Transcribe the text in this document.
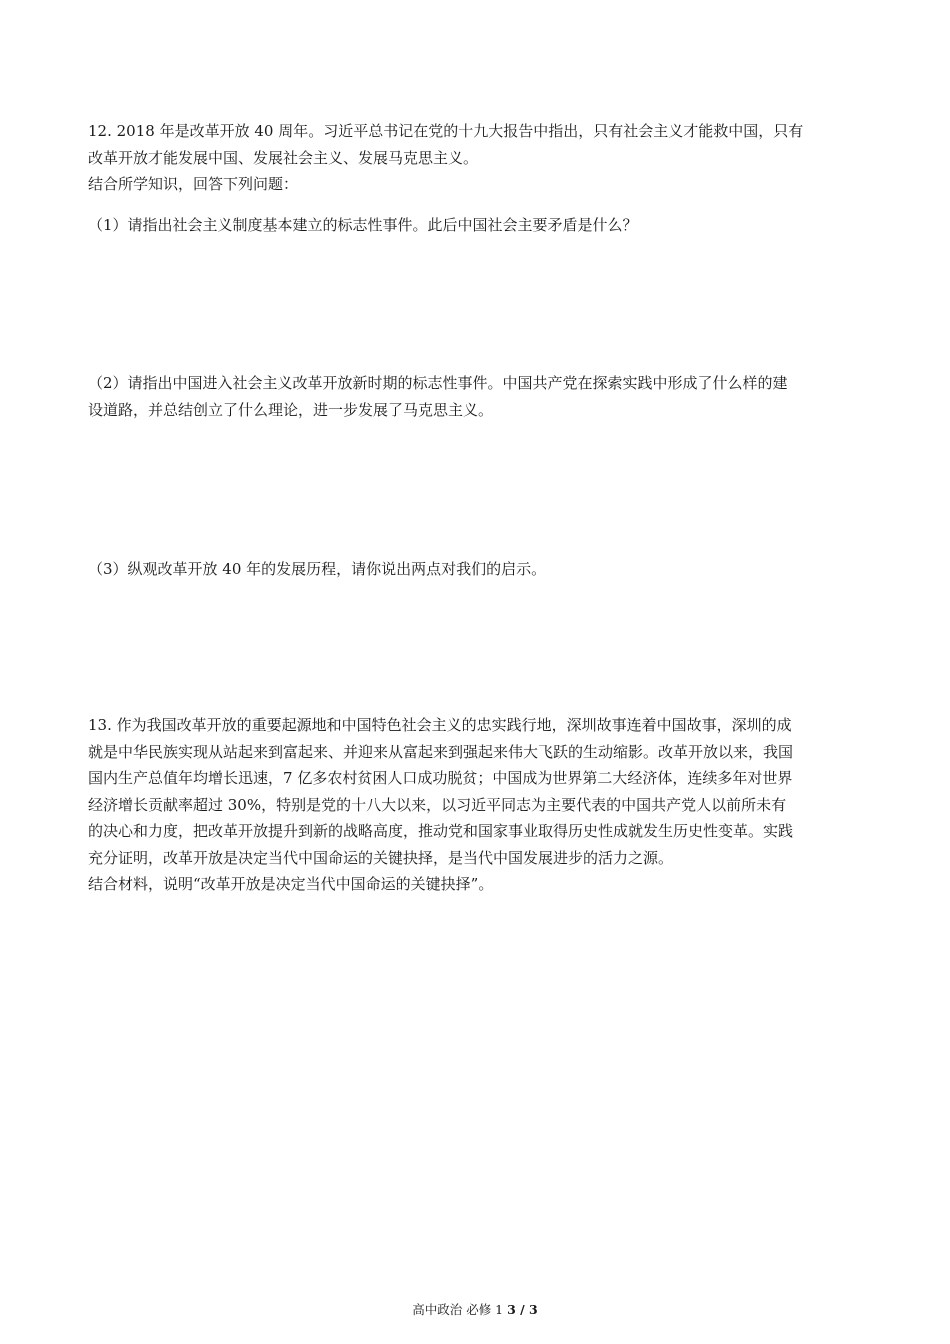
12. 2018 年是改革开放 40 周年。习近平总书记在党的十九大报告中指出，只有社会主义才能救中国，只有
改革开放才能发展中国、发展社会主义、发展马克思主义。
结合所学知识，回答下列问题：
（1）请指出社会主义制度基本建立的标志性事件。此后中国社会主要矛盾是什么？
（2）请指出中国进入社会主义改革开放新时期的标志性事件。中国共产党在探索实践中形成了什么样的建
设道路，并总结创立了什么理论，进一步发展了马克思主义。
（3）纵观改革开放 40 年的发展历程，请你说出两点对我们的启示。
13. 作为我国改革开放的重要起源地和中国特色社会主义的忠实践行地，深圳故事连着中国故事，深圳的成
就是中华民族实现从站起来到富起来、并迎来从富起来到强起来伟大飞跃的生动缩影。改革开放以来，我国
国内生产总值年均增长迅速，7 亿多农村贫困人口成功脱贫；中国成为世界第二大经济体，连续多年对世界
经济增长贡献率超过 30%，特别是党的十八大以来，以习近平同志为主要代表的中国共产党人以前所未有
的决心和力度，把改革开放提升到新的战略高度，推动党和国家事业取得历史性成就发生历史性变革。实践
充分证明，改革开放是决定当代中国命运的关键抉择，是当代中国发展进步的活力之源。
结合材料，说明“改革开放是决定当代中国命运的关键抉择”。
高中政治 必修 1 3 / 3
